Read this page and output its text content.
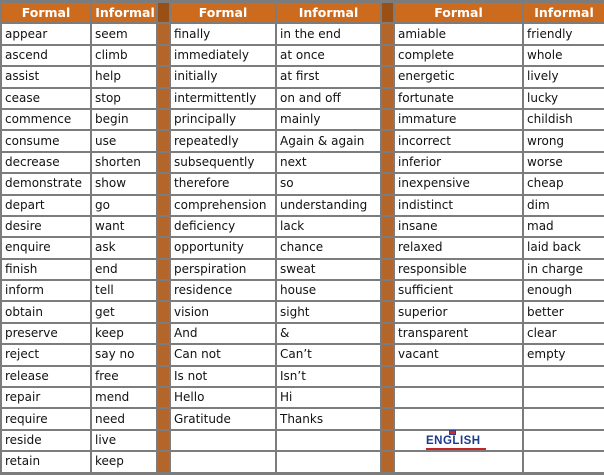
Formal	Informal
appear	seem
ascend	climb
assist	help
cease	stop
commence	begin
consume	use
decrease	shorten
demonstrate	show
depart	go
desire	want
enquire	ask
finish	end
inform	tell
obtain	get
preserve	keep
reject	say no
release	free
repair	mend
require	need
reside	live
retain	keep
	Formal	Informal
	finally	in the end
	immediately	at once
	initially	at first
	intermittently	on and off
	principally	mainly
	repeatedly	Again & again
	subsequently	next
	therefore	so
	comprehension	understanding
	deficiency	lack
	opportunity	chance
	perspiration	sweat
	residence	house
	vision	sight
	And	&
	Can not	Can’t
	Is not	Isn’t
	Hello	Hi
	Gratitude	Thanks

	Formal	Informal
	amiable	friendly
	complete	whole
	energetic	lively
	fortunate	lucky
	immature	childish
	incorrect	wrong
	inferior	worse
	inexpensive	cheap
	indistinct	dim
	insane	mad
	relaxed	laid back
	responsible	in charge
	sufficient	enough
	superior	better
	transparent	clear
	vacant	empty

ENGLISH
